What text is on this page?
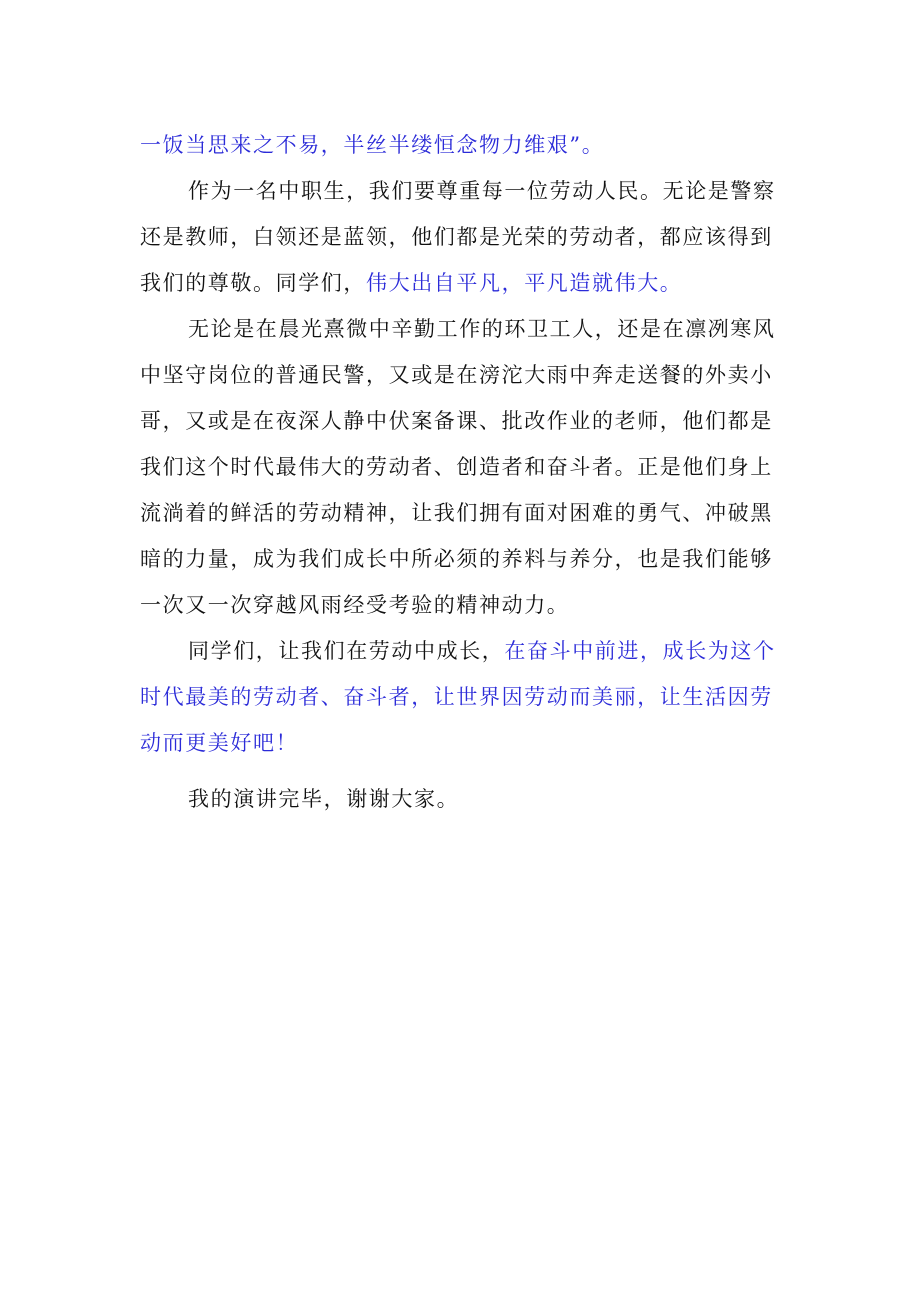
一饭当思来之不易，半丝半缕恒念物力维艰”。
作为一名中职生，我们要尊重每一位劳动人民。无论是警察
还是教师，白领还是蓝领，他们都是光荣的劳动者，都应该得到
我们的尊敬。同学们，伟大出自平凡，平凡造就伟大。
无论是在晨光熹微中辛勤工作的环卫工人，还是在凛冽寒风
中坚守岗位的普通民警，又或是在滂沱大雨中奔走送餐的外卖小
哥，又或是在夜深人静中伏案备课、批改作业的老师，他们都是
我们这个时代最伟大的劳动者、创造者和奋斗者。正是他们身上
流淌着的鲜活的劳动精神，让我们拥有面对困难的勇气、冲破黑
暗的力量，成为我们成长中所必须的养料与养分，也是我们能够
一次又一次穿越风雨经受考验的精神动力。
同学们，让我们在劳动中成长，在奋斗中前进，成长为这个
时代最美的劳动者、奋斗者，让世界因劳动而美丽，让生活因劳
动而更美好吧！
我的演讲完毕，谢谢大家。
